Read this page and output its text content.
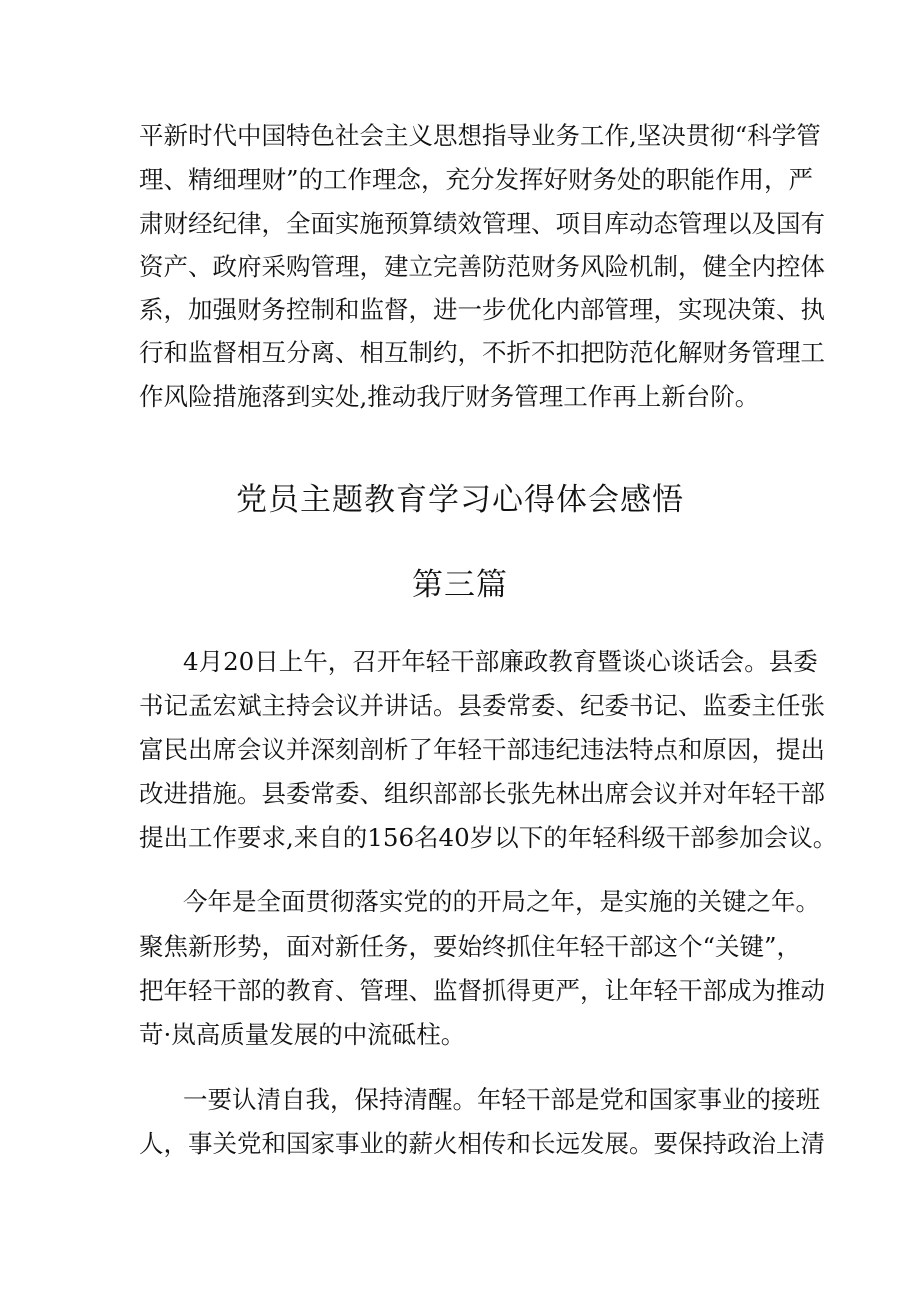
平新时代中国特色社会主义思想指导业务工作,坚决贯彻“科学管
理、精细理财”的工作理念，充分发挥好财务处的职能作用，严
肃财经纪律，全面实施预算绩效管理、项目库动态管理以及国有
资产、政府采购管理，建立完善防范财务风险机制，健全内控体
系，加强财务控制和监督，进一步优化内部管理，实现决策、执
行和监督相互分离、相互制约，不折不扣把防范化解财务管理工
作风险措施落到实处,推动我厅财务管理工作再上新台阶。
党员主题教育学习心得体会感悟
第三篇
4月20日上午，召开年轻干部廉政教育暨谈心谈话会。县委
书记孟宏斌主持会议并讲话。县委常委、纪委书记、监委主任张
富民出席会议并深刻剖析了年轻干部违纪违法特点和原因，提出
改进措施。县委常委、组织部部长张先林出席会议并对年轻干部
提出工作要求,来自的156名40岁以下的年轻科级干部参加会议。
今年是全面贯彻落实党的的开局之年，是实施的关键之年。
聚焦新形势，面对新任务，要始终抓住年轻干部这个“关键”，
把年轻干部的教育、管理、监督抓得更严，让年轻干部成为推动
苛·岚高质量发展的中流砥柱。
一要认清自我，保持清醒。年轻干部是党和国家事业的接班
人，事关党和国家事业的薪火相传和长远发展。要保持政治上清
